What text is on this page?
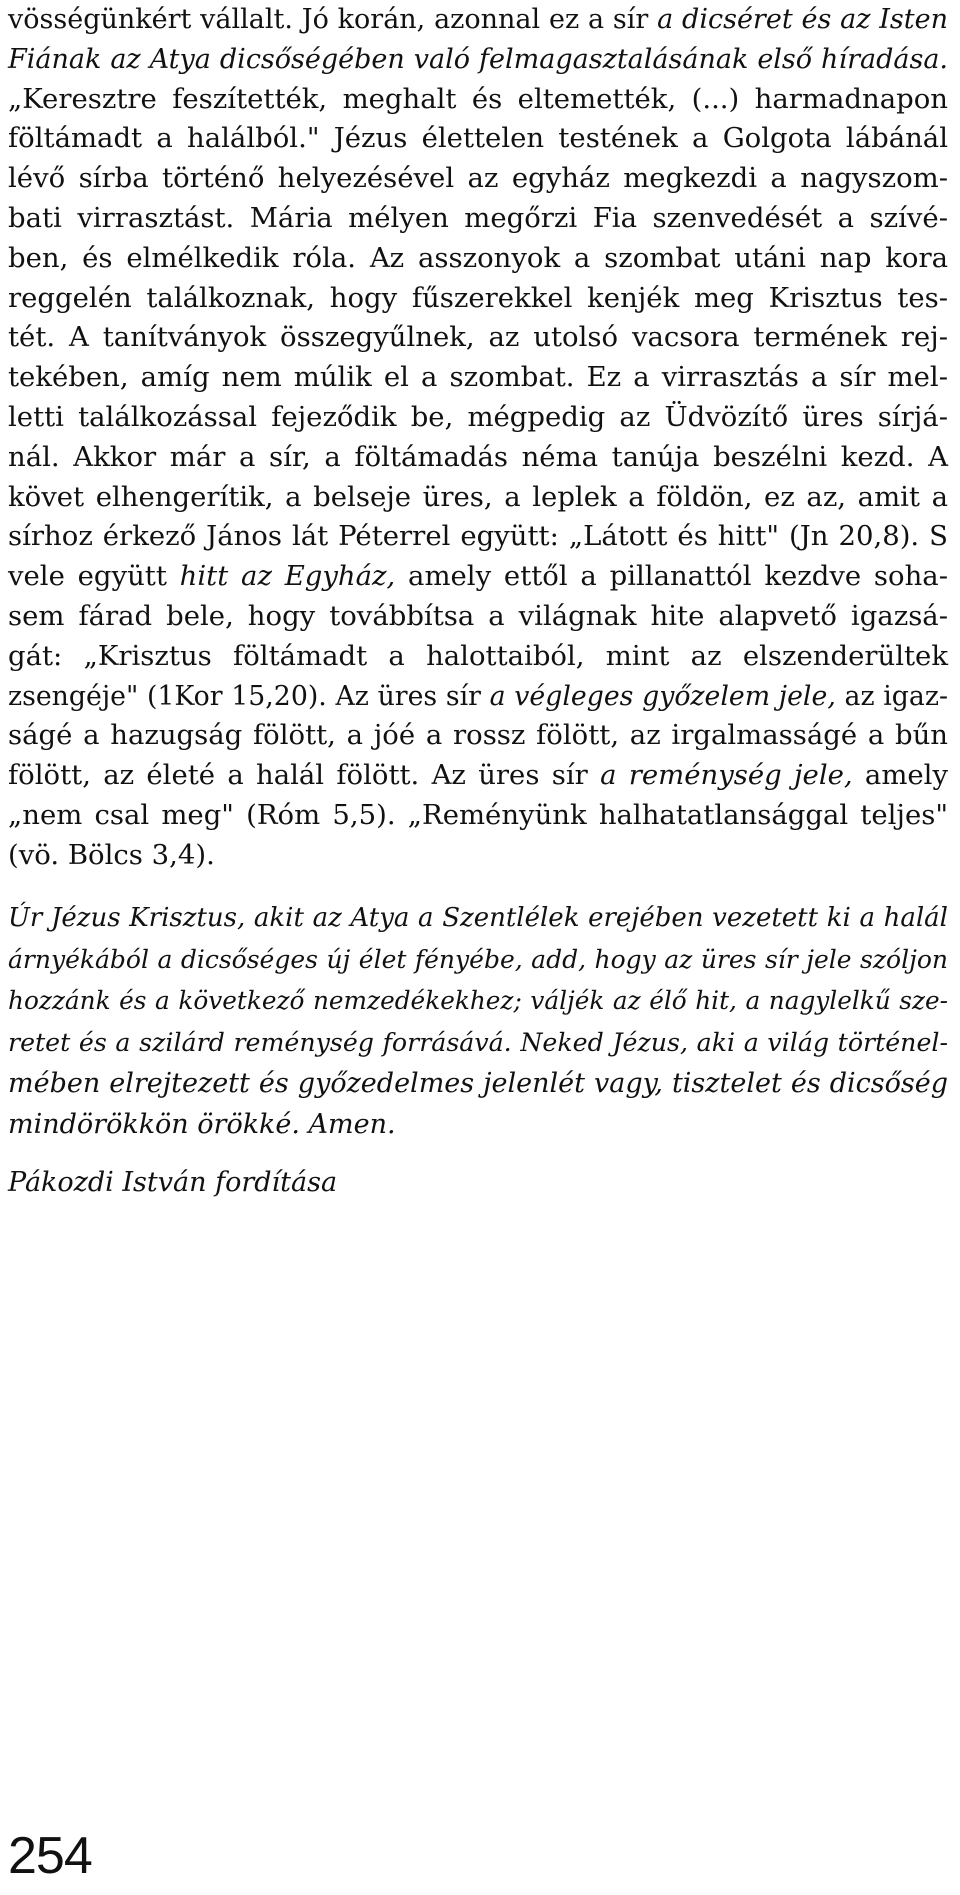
vösségünkért vállalt. Jó korán, azonnal ez a sír a dicséret és az Isten
Fiának az Atya dicsőségében való felmagasztalásának első híradása.
„Keresztre feszítették, meghalt és eltemették, (...) harmadnapon
föltámadt a halálból." Jézus élettelen testének a Golgota lábánál
lévő sírba történő helyezésével az egyház megkezdi a nagyszom-
bati virrasztást. Mária mélyen megőrzi Fia szenvedését a szívé-
ben, és elmélkedik róla. Az asszonyok a szombat utáni nap kora
reggelén találkoznak, hogy fűszerekkel kenjék meg Krisztus tes-
tét. A tanítványok összegyűlnek, az utolsó vacsora termének rej-
tekében, amíg nem múlik el a szombat. Ez a virrasztás a sír mel-
letti találkozással fejeződik be, mégpedig az Üdvözítő üres sírjá-
nál. Akkor már a sír, a föltámadás néma tanúja beszélni kezd. A
követ elhengerítik, a belseje üres, a leplek a földön, ez az, amit a
sírhoz érkező János lát Péterrel együtt: „Látott és hitt" (Jn 20,8). S
vele együtt hitt az Egyház, amely ettől a pillanattól kezdve soha-
sem fárad bele, hogy továbbítsa a világnak hite alapvető igazsá-
gát: „Krisztus föltámadt a halottaiból, mint az elszenderültek
zsengéje" (1Kor 15,20). Az üres sír a végleges győzelem jele, az igaz-
ságé a hazugság fölött, a jóé a rossz fölött, az irgalmasságé a bűn
fölött, az életé a halál fölött. Az üres sír a reménység jele, amely
„nem csal meg" (Róm 5,5). „Reményünk halhatatlansággal teljes"
(vö. Bölcs 3,4).
Úr Jézus Krisztus, akit az Atya a Szentlélek erejében vezetett ki a halál
árnyékából a dicsőséges új élet fényébe, add, hogy az üres sír jele szóljon
hozzánk és a következő nemzedékekhez; váljék az élő hit, a nagylelkű sze-
retet és a szilárd reménység forrásává. Neked Jézus, aki a világ történel-
mében elrejtezett és győzedelmes jelenlét vagy, tisztelet és dicsőség
mindörökkön örökké. Amen.
Pákozdi István fordítása
254
